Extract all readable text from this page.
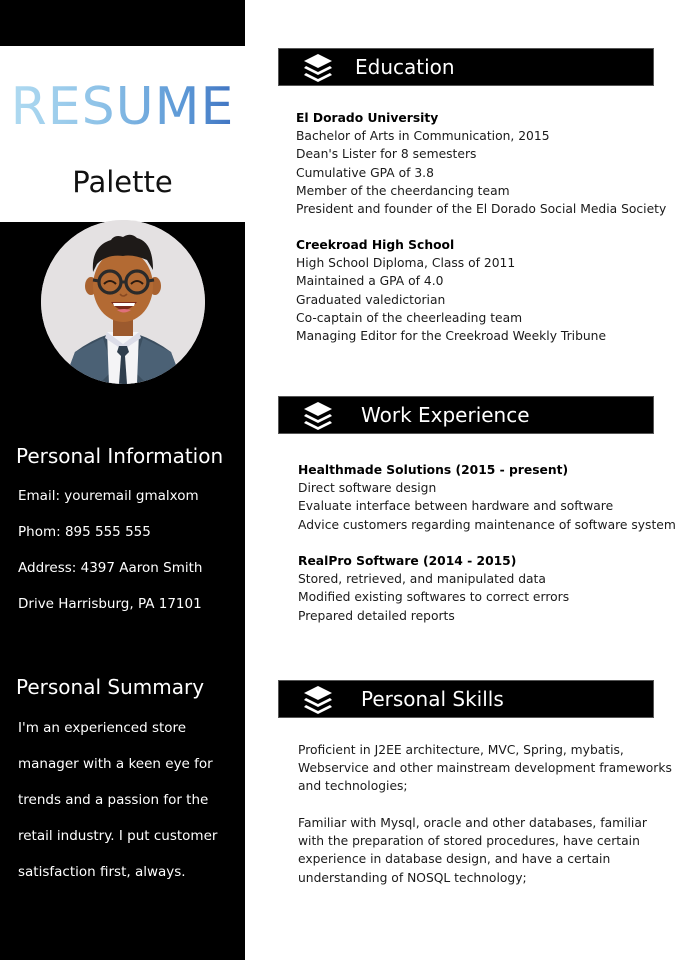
RESUME
Palette
Personal Information
Email: youremail gmalxom
Phom: 895 555 555
Address: 4397 Aaron Smith
Drive Harrisburg, PA 17101
Personal Summary
I'm an experienced store
manager with a keen eye for
trends and a passion for the
retail industry. I put customer
satisfaction first, always.
Education
El Dorado University
Bachelor of Arts in Communication, 2015
Dean's Lister for 8 semesters
Cumulative GPA of 3.8
Member of the cheerdancing team
President and founder of the El Dorado Social Media Society
Creekroad High School
High School Diploma, Class of 2011
Maintained a GPA of 4.0
Graduated valedictorian
Co-captain of the cheerleading team
Managing Editor for the Creekroad Weekly Tribune
Work Experience
Healthmade Solutions (2015 - present)
Direct software design
Evaluate interface between hardware and software
Advice customers regarding maintenance of software system
RealPro Software (2014 - 2015)
Stored, retrieved, and manipulated data
Modified existing softwares to correct errors
Prepared detailed reports
Personal Skills
Proficient in J2EE architecture, MVC, Spring, mybatis,
Webservice and other mainstream development frameworks
and technologies;
Familiar with Mysql, oracle and other databases, familiar
with the preparation of stored procedures, have certain
experience in database design, and have a certain
understanding of NOSQL technology;
